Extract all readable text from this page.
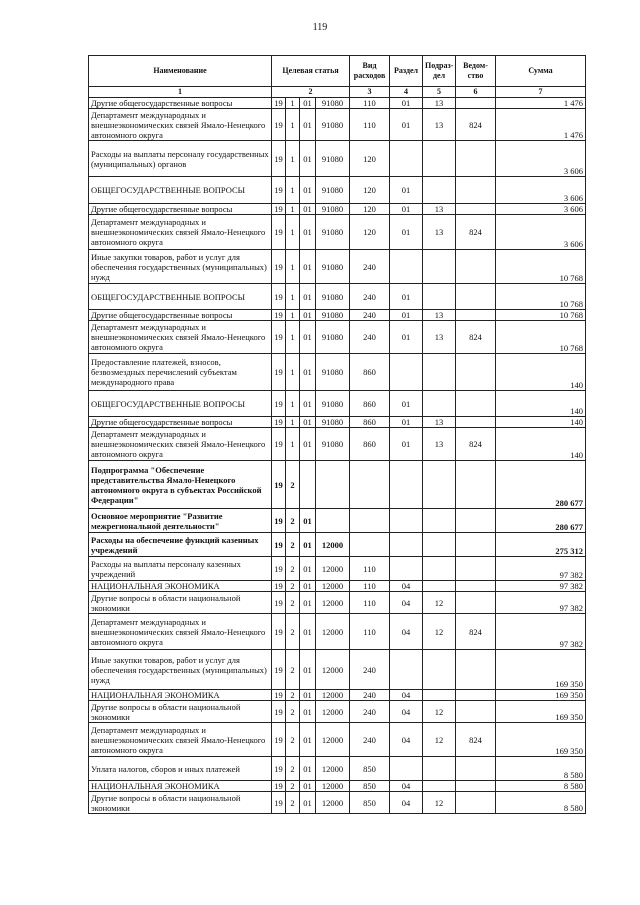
119
Наименование	Целевая статья				Вид расходов	Раздел	Подраз-дел	Ведом-ство	Сумма
1	2				3	4	5	6	7
Другие общегосударственные вопросы	19	1	01	91080	110	01	13		1 476
Департамент международных и внешнеэкономических связей Ямало-Ненецкого автономного округа	19	1	01	91080	110	01	13	824	1 476
Расходы на выплаты персоналу государственных (муниципальных) органов	19	1	01	91080	120				3 606
ОБЩЕГОСУДАРСТВЕННЫЕ ВОПРОСЫ	19	1	01	91080	120	01			3 606
Другие общегосударственные вопросы	19	1	01	91080	120	01	13		3 606
Департамент международных и внешнеэкономических связей Ямало-Ненецкого автономного округа	19	1	01	91080	120	01	13	824	3 606
Иные закупки товаров, работ и услуг для обеспечения государственных (муниципальных) нужд	19	1	01	91080	240				10 768
ОБЩЕГОСУДАРСТВЕННЫЕ ВОПРОСЫ	19	1	01	91080	240	01			10 768
Другие общегосударственные вопросы	19	1	01	91080	240	01	13		10 768
Департамент международных и внешнеэкономических связей Ямало-Ненецкого автономного округа	19	1	01	91080	240	01	13	824	10 768
Предоставление платежей, взносов, безвозмездных перечислений субъектам международного права	19	1	01	91080	860				140
ОБЩЕГОСУДАРСТВЕННЫЕ ВОПРОСЫ	19	1	01	91080	860	01			140
Другие общегосударственные вопросы	19	1	01	91080	860	01	13		140
Департамент международных и внешнеэкономических связей Ямало-Ненецкого автономного округа	19	1	01	91080	860	01	13	824	140
Подпрограмма "Обеспечение представительства Ямало-Ненецкого автономного округа в субъектах Российской Федерации"	19	2							280 677
Основное мероприятие "Развитие межрегиональной деятельности"	19	2	01						280 677
Расходы на обеспечение функций казенных учреждений	19	2	01	12000					275 312
Расходы на выплаты персоналу казенных учреждений	19	2	01	12000	110				97 382
НАЦИОНАЛЬНАЯ ЭКОНОМИКА	19	2	01	12000	110	04			97 382
Другие вопросы в области национальной экономики	19	2	01	12000	110	04	12		97 382
Департамент международных и внешнеэкономических связей Ямало-Ненецкого автономного округа	19	2	01	12000	110	04	12	824	97 382
Иные закупки товаров, работ и услуг для обеспечения государственных (муниципальных) нужд	19	2	01	12000	240				169 350
НАЦИОНАЛЬНАЯ ЭКОНОМИКА	19	2	01	12000	240	04			169 350
Другие вопросы в области национальной экономики	19	2	01	12000	240	04	12		169 350
Департамент международных и внешнеэкономических связей Ямало-Ненецкого автономного округа	19	2	01	12000	240	04	12	824	169 350
Уплата налогов, сборов и иных платежей	19	2	01	12000	850				8 580
НАЦИОНАЛЬНАЯ ЭКОНОМИКА	19	2	01	12000	850	04			8 580
Другие вопросы в области национальной экономики	19	2	01	12000	850	04	12		8 580
